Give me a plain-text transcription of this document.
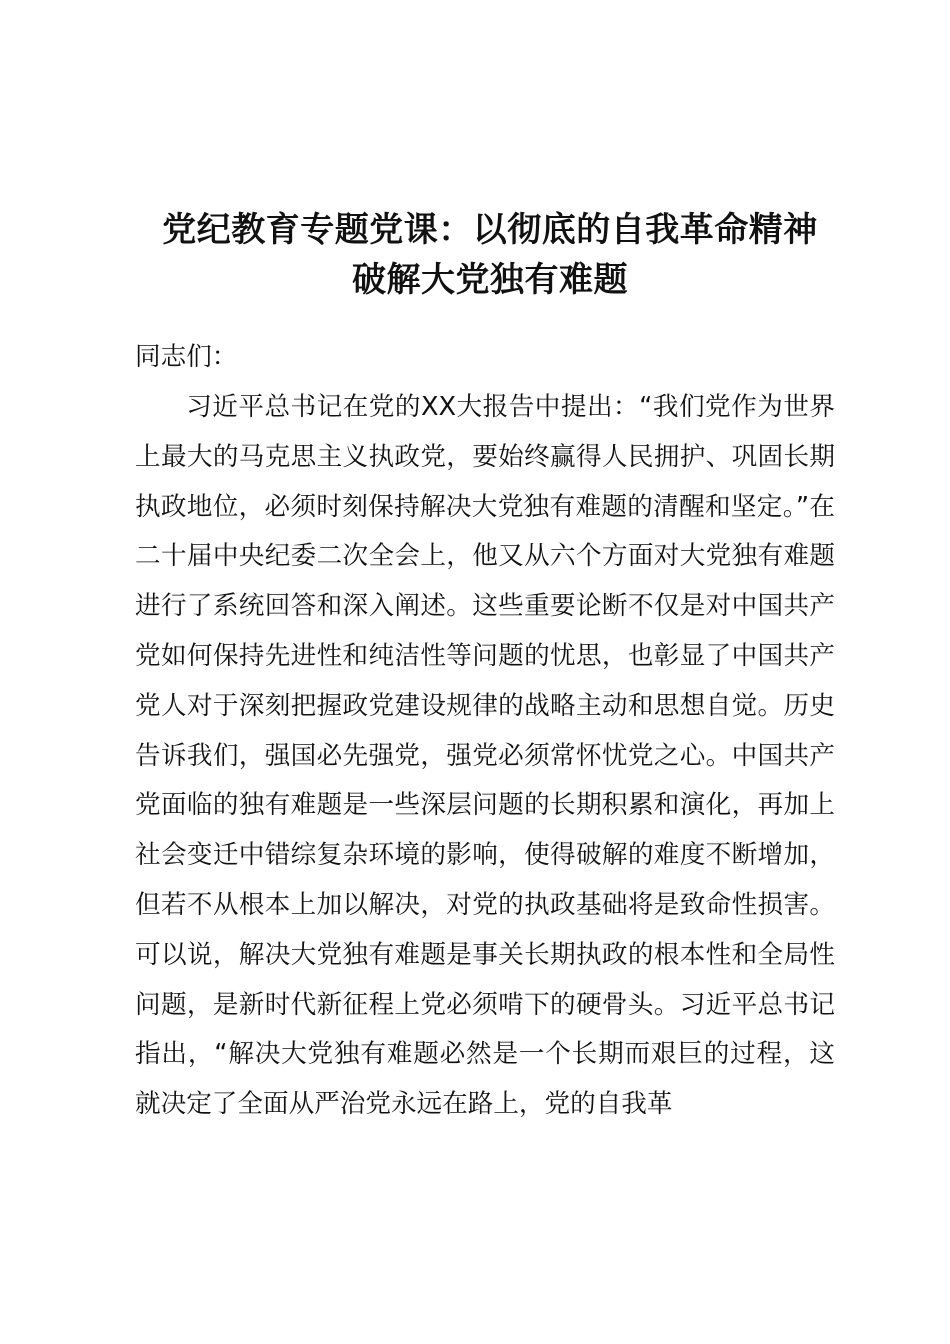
党纪教育专题党课：以彻底的自我革命精神
破解大党独有难题

同志们：

习近平总书记在党的XX大报告中提出：“我们党作为世界上最大的马克思主义执政党，要始终赢得人民拥护、巩固长期执政地位，必须时刻保持解决大党独有难题的清醒和坚定。”在二十届中央纪委二次全会上，他又从六个方面对大党独有难题进行了系统回答和深入阐述。这些重要论断不仅是对中国共产党如何保持先进性和纯洁性等问题的忧思，也彰显了中国共产党人对于深刻把握政党建设规律的战略主动和思想自觉。历史告诉我们，强国必先强党，强党必须常怀忧党之心。中国共产党面临的独有难题是一些深层问题的长期积累和演化，再加上社会变迁中错综复杂环境的影响，使得破解的难度不断增加，但若不从根本上加以解决，对党的执政基础将是致命性损害。可以说，解决大党独有难题是事关长期执政的根本性和全局性问题，是新时代新征程上党必须啃下的硬骨头。习近平总书记指出，“解决大党独有难题必然是一个长期而艰巨的过程，这就决定了全面从严治党永远在路上，党的自我革
